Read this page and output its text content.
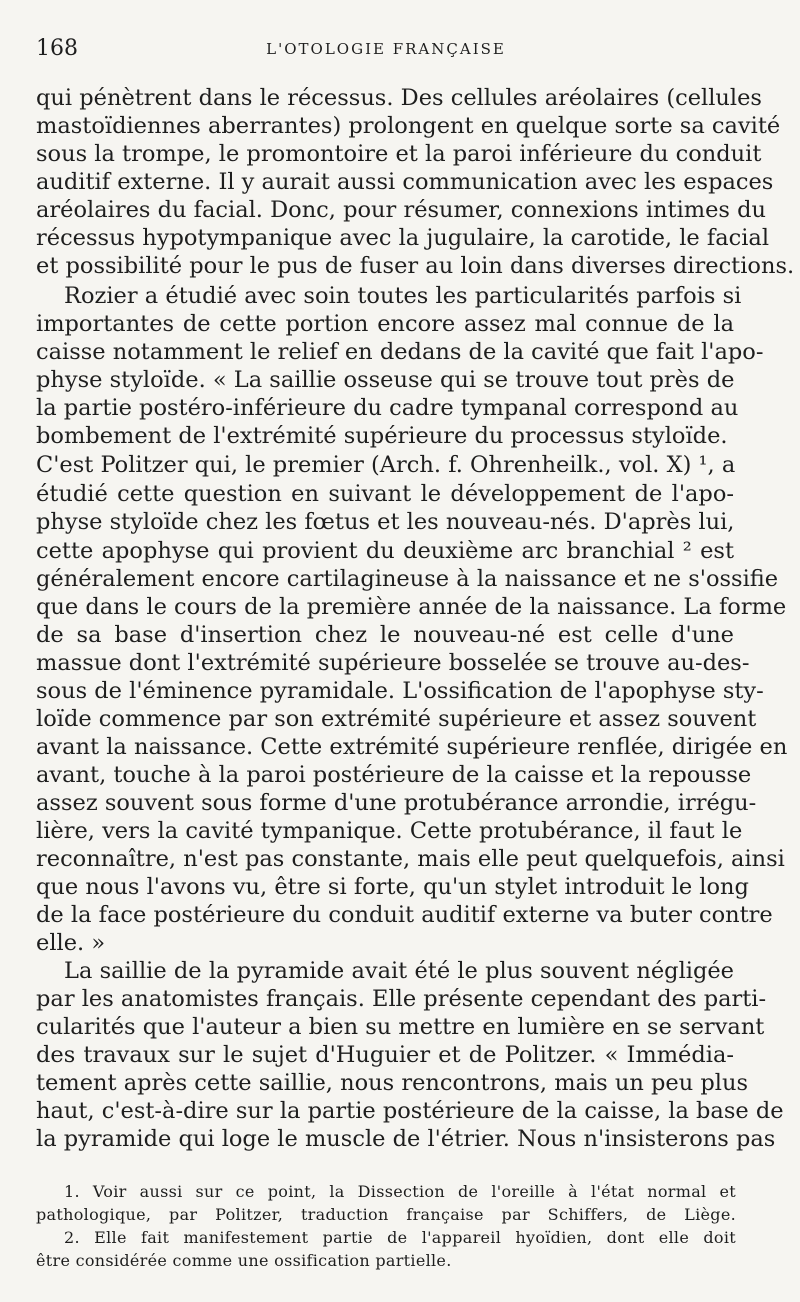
168	L'OTOLOGIE FRANÇAISE
qui pénètrent dans le récessus. Des cellules aréolaires (cellules
mastoïdiennes aberrantes) prolongent en quelque sorte sa cavité
sous la trompe, le promontoire et la paroi inférieure du conduit
auditif externe. Il y aurait aussi communication avec les espaces
aréolaires du facial. Donc, pour résumer, connexions intimes du
récessus hypotympanique avec la jugulaire, la carotide, le facial
et possibilité pour le pus de fuser au loin dans diverses directions.
Rozier a étudié avec soin toutes les particularités parfois si
importantes de cette portion encore assez mal connue de la
caisse notamment le relief en dedans de la cavité que fait l'apo-
physe styloïde. « La saillie osseuse qui se trouve tout près de
la partie postéro-inférieure du cadre tympanal correspond au
bombement de l'extrémité supérieure du processus styloïde.
C'est Politzer qui, le premier (Arch. f. Ohrenheilk., vol. X) ¹, a
étudié cette question en suivant le développement de l'apo-
physe styloïde chez les fœtus et les nouveau-nés. D'après lui,
cette apophyse qui provient du deuxième arc branchial ² est
généralement encore cartilagineuse à la naissance et ne s'ossifie
que dans le cours de la première année de la naissance. La forme
de sa base d'insertion chez le nouveau-né est celle d'une
massue dont l'extrémité supérieure bosselée se trouve au-des-
sous de l'éminence pyramidale. L'ossification de l'apophyse sty-
loïde commence par son extrémité supérieure et assez souvent
avant la naissance. Cette extrémité supérieure renflée, dirigée en
avant, touche à la paroi postérieure de la caisse et la repousse
assez souvent sous forme d'une protubérance arrondie, irrégu-
lière, vers la cavité tympanique. Cette protubérance, il faut le
reconnaître, n'est pas constante, mais elle peut quelquefois, ainsi
que nous l'avons vu, être si forte, qu'un stylet introduit le long
de la face postérieure du conduit auditif externe va buter contre
elle. »
La saillie de la pyramide avait été le plus souvent négligée
par les anatomistes français. Elle présente cependant des parti-
cularités que l'auteur a bien su mettre en lumière en se servant
des travaux sur le sujet d'Huguier et de Politzer. « Immédia-
tement après cette saillie, nous rencontrons, mais un peu plus
haut, c'est-à-dire sur la partie postérieure de la caisse, la base de
la pyramide qui loge le muscle de l'étrier. Nous n'insisterons pas
1. Voir aussi sur ce point, la Dissection de l'oreille à l'état normal et
pathologique, par Politzer, traduction française par Schiffers, de Liège.
2. Elle fait manifestement partie de l'appareil hyoïdien, dont elle doit
être considérée comme une ossification partielle.
